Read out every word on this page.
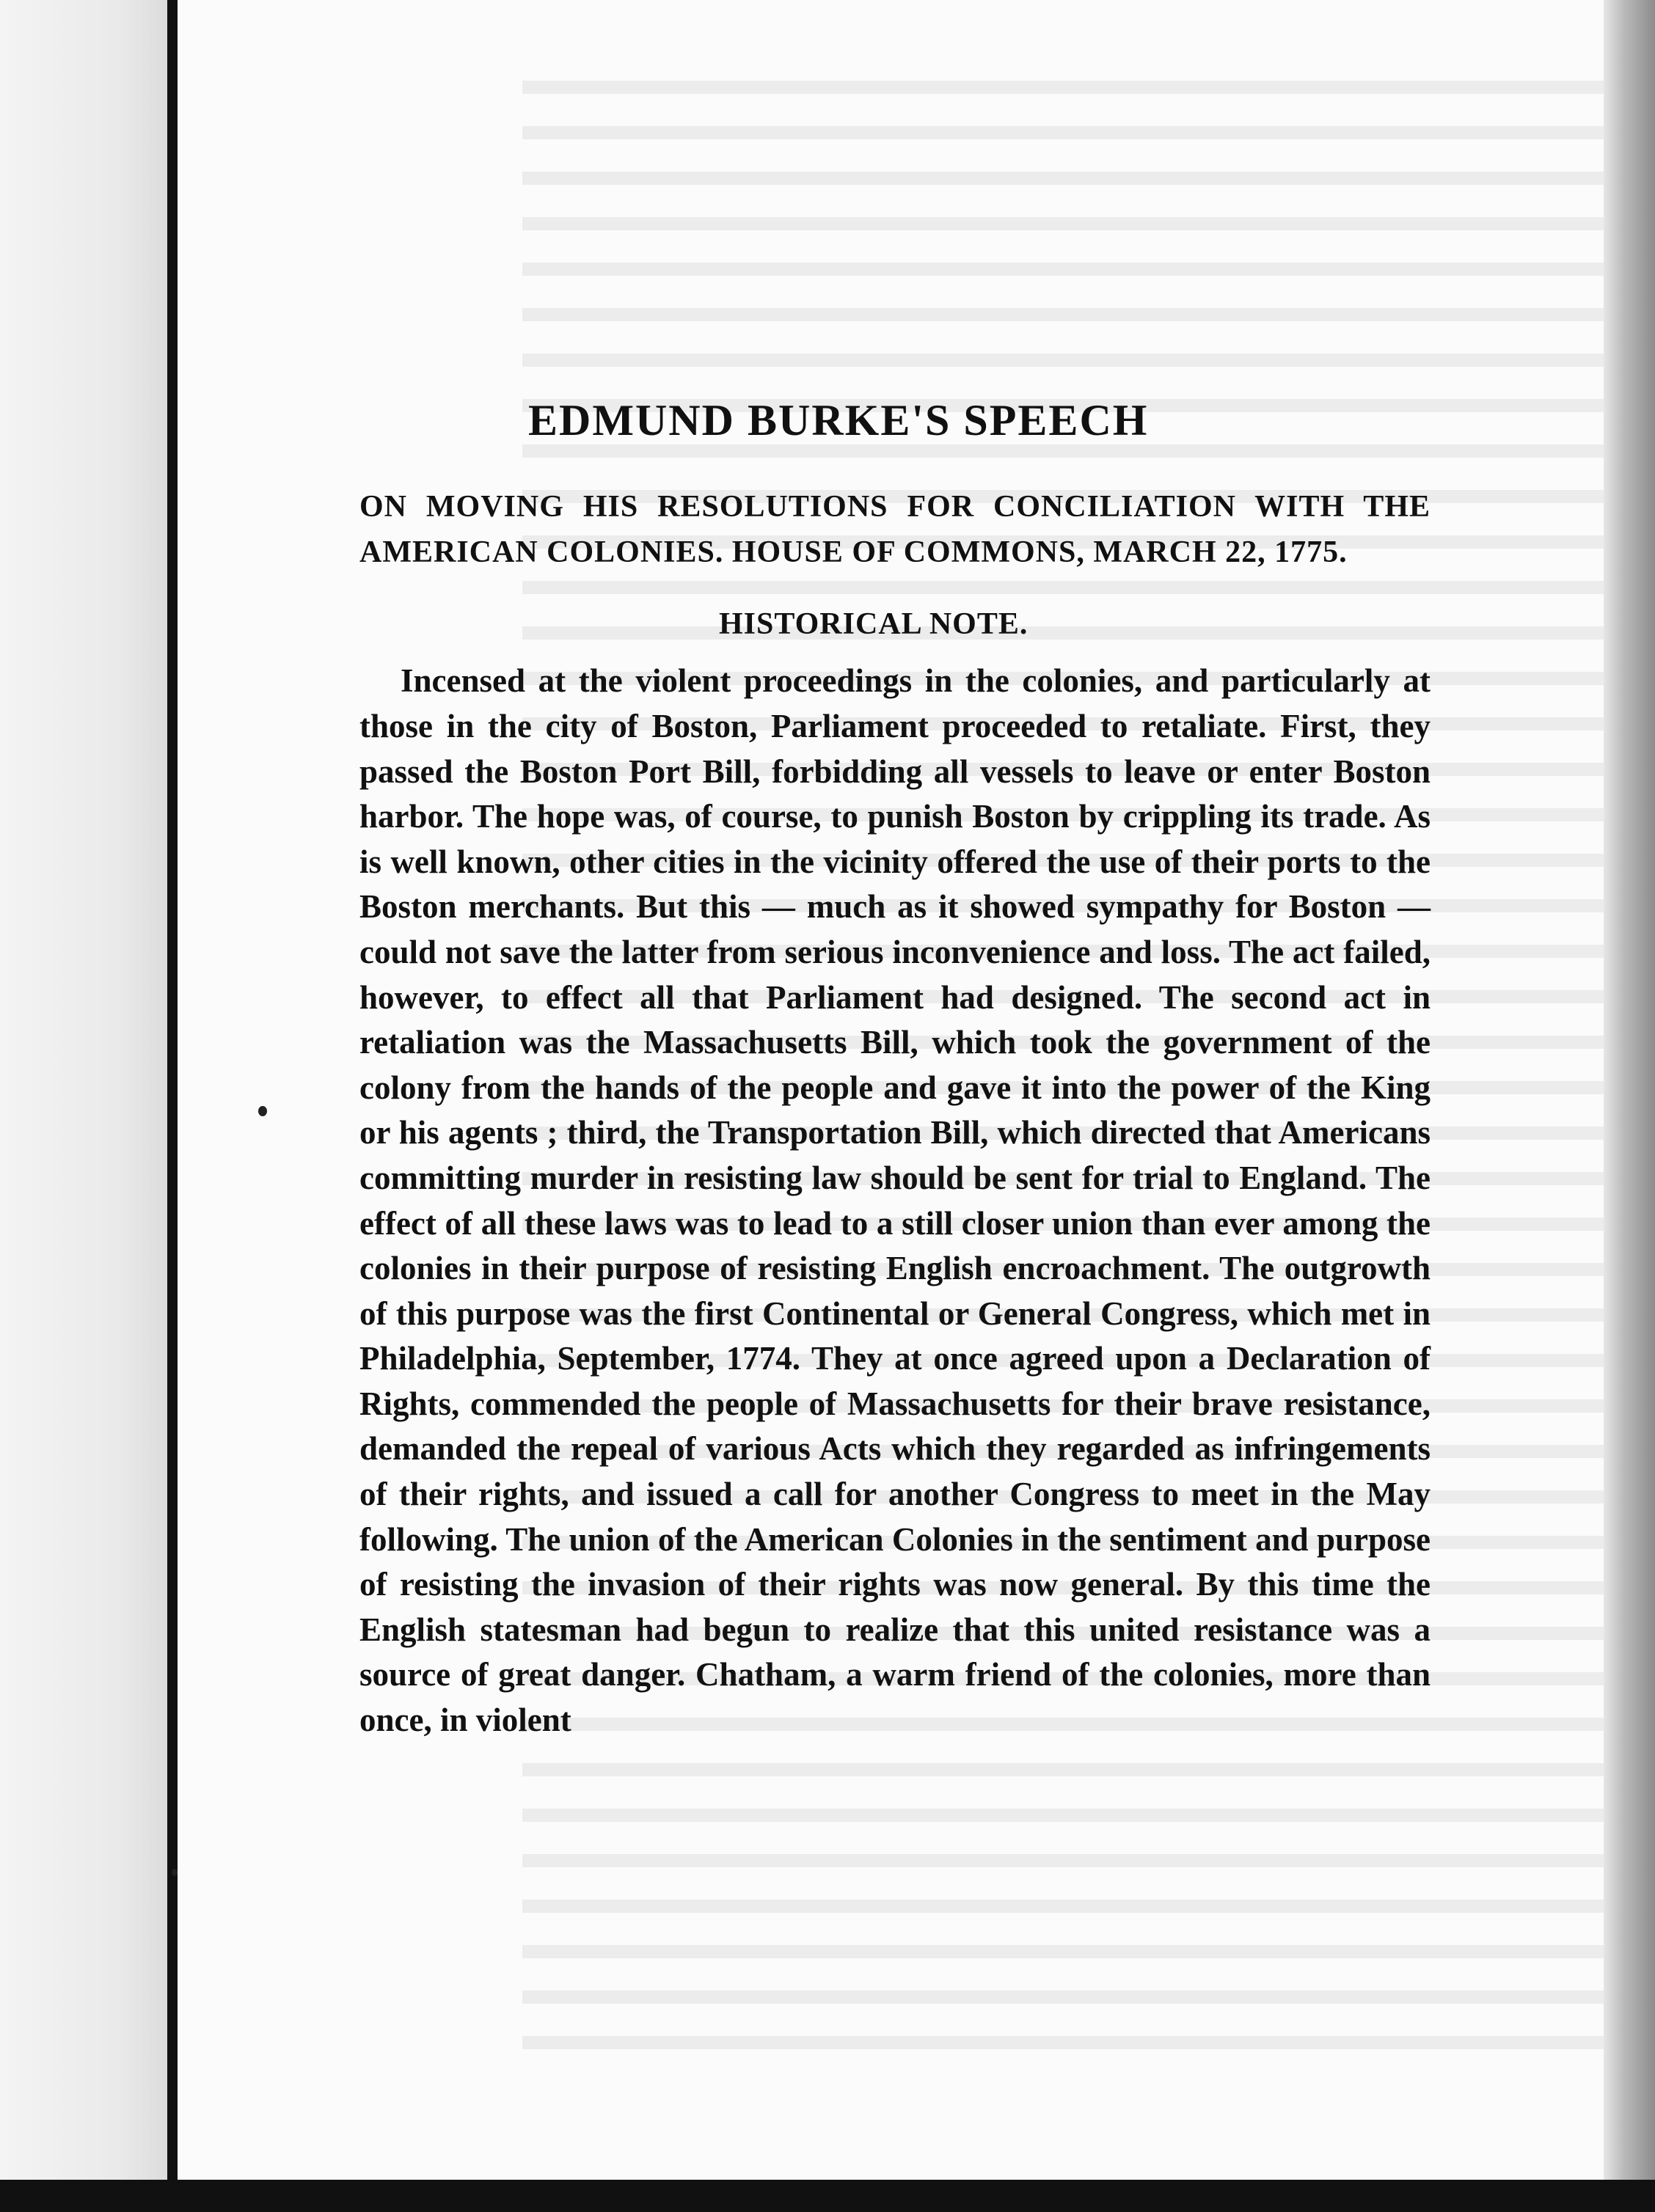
EDMUND BURKE'S SPEECH

ON MOVING HIS RESOLUTIONS FOR CONCILIATION WITH THE AMERICAN COLONIES. HOUSE OF COMMONS, MARCH 22, 1775.

HISTORICAL NOTE.

Incensed at the violent proceedings in the colonies, and particularly at those in the city of Boston, Parliament proceeded to retaliate. First, they passed the Boston Port Bill, forbidding all vessels to leave or enter Boston harbor. The hope was, of course, to punish Boston by crippling its trade. As is well known, other cities in the vicinity offered the use of their ports to the Boston merchants. But this — much as it showed sympathy for Boston — could not save the latter from serious inconvenience and loss. The act failed, however, to effect all that Parliament had designed. The second act in retaliation was the Massachusetts Bill, which took the government of the colony from the hands of the people and gave it into the power of the King or his agents ; third, the Transportation Bill, which directed that Americans committing murder in resisting law should be sent for trial to England. The effect of all these laws was to lead to a still closer union than ever among the colonies in their purpose of resisting English encroachment. The outgrowth of this purpose was the first Continental or General Congress, which met in Philadelphia, September, 1774. They at once agreed upon a Declaration of Rights, commended the people of Massachusetts for their brave resistance, demanded the repeal of various Acts which they regarded as infringements of their rights, and issued a call for another Congress to meet in the May following. The union of the American Colonies in the sentiment and purpose of resisting the invasion of their rights was now general. By this time the English statesman had begun to realize that this united resistance was a source of great danger. Chatham, a warm friend of the colonies, more than once, in violent
